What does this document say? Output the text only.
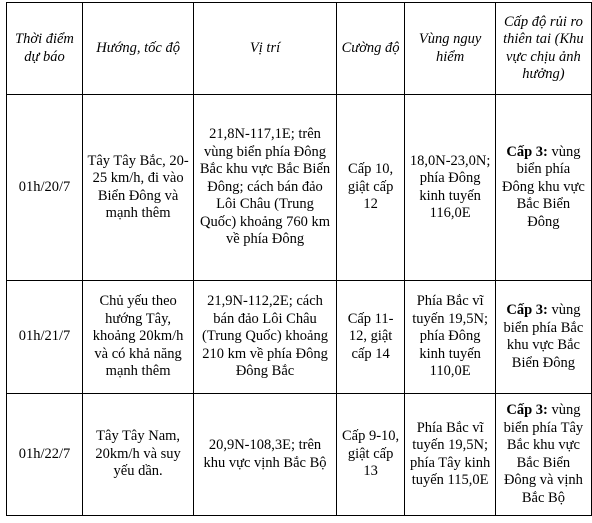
Thời điểm dự báo	Hướng, tốc độ	Vị trí	Cường độ	Vùng nguy hiểm	Cấp độ rủi ro thiên tai (Khu vực chịu ảnh hưởng)
01h/20/7	Tây Tây Bắc, 20-25 km/h, đi vào Biển Đông và mạnh thêm	21,8N-117,1E; trên vùng biển phía Đông Bắc khu vực Bắc Biển Đông; cách bán đảo Lôi Châu (Trung Quốc) khoảng 760 km về phía Đông	Cấp 10, giật cấp 12	18,0N-23,0N; phía Đông kinh tuyến 116,0E	Cấp 3: vùng biển phía Đông khu vực Bắc Biển Đông
01h/21/7	Chủ yếu theo hướng Tây, khoảng 20km/h và có khả năng mạnh thêm	21,9N-112,2E; cách bán đảo Lôi Châu (Trung Quốc) khoảng 210 km về phía Đông Đông Bắc	Cấp 11-12, giật cấp 14	Phía Bắc vĩ tuyến 19,5N; phía Đông kinh tuyến 110,0E	Cấp 3: vùng biển phía Bắc khu vực Bắc Biển Đông
01h/22/7	Tây Tây Nam, 20km/h và suy yếu dần.	20,9N-108,3E; trên khu vực vịnh Bắc Bộ	Cấp 9-10, giật cấp 13	Phía Bắc vĩ tuyến 19,5N; phía Tây kinh tuyến 115,0E	Cấp 3: vùng biển phía Tây Bắc khu vực Bắc Biển Đông và vịnh Bắc Bộ
